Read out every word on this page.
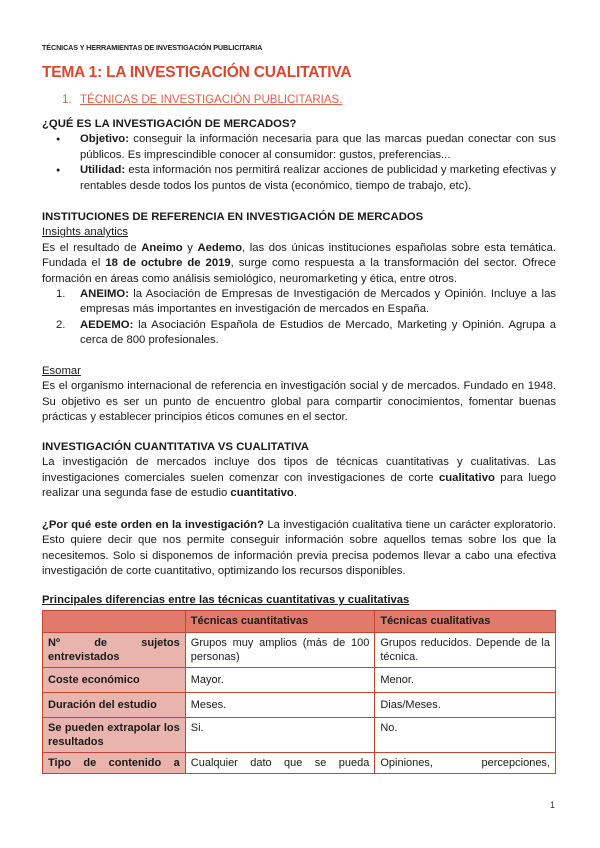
TÉCNICAS Y HERRAMIENTAS DE INVESTIGACIÓN PUBLICITARIA
TEMA 1: LA INVESTIGACIÓN CUALITATIVA
1. TÉCNICAS DE INVESTIGACIÓN PUBLICITARIAS.
¿QUÉ ES LA INVESTIGACIÓN DE MERCADOS?
● Objetivo: conseguir la información necesaria para que las marcas puedan conectar con sus públicos. Es imprescindible conocer al consumidor: gustos, preferencias...
● Utilidad: esta información nos permitirá realizar acciones de publicidad y marketing efectivas y rentables desde todos los puntos de vista (económico, tiempo de trabajo, etc).
INSTITUCIONES DE REFERENCIA EN INVESTIGACIÓN DE MERCADOS
Insights analytics
Es el resultado de Aneimo y Aedemo, las dos únicas instituciones españolas sobre esta temática. Fundada el 18 de octubre de 2019, surge como respuesta a la transformación del sector. Ofrece formación en áreas como análisis semiológico, neuromarketing y ética, entre otros.
1. ANEIMO: la Asociación de Empresas de Investigación de Mercados y Opinión. Incluye a las empresas más importantes en investigación de mercados en España.
2. AEDEMO: la Asociación Española de Estudios de Mercado, Marketing y Opinión. Agrupa a cerca de 800 profesionales.
Esomar
Es el organismo internacional de referencia en investigación social y de mercados. Fundado en 1948. Su objetivo es ser un punto de encuentro global para compartir conocimientos, fomentar buenas prácticas y establecer principios éticos comunes en el sector.
INVESTIGACIÓN CUANTITATIVA VS CUALITATIVA
La investigación de mercados incluye dos tipos de técnicas cuantitativas y cualitativas. Las investigaciones comerciales suelen comenzar con investigaciones de corte cualitativo para luego realizar una segunda fase de estudio cuantitativo.
¿Por qué este orden en la investigación? La investigación cualitativa tiene un carácter exploratorio. Esto quiere decir que nos permite conseguir información sobre aquellos temas sobre los que la necesitemos. Solo si disponemos de información previa precisa podemos llevar a cabo una efectiva investigación de corte cuantitativo, optimizando los recursos disponibles.
Principales diferencias entre las técnicas cuantitativas y cualitativas
	Técnicas cuantitativas	Técnicas cualitativas
Nº de sujetos entrevistados	Grupos muy amplios (más de 100 personas)	Grupos reducidos. Depende de la técnica.
Coste económico	Mayor.	Menor.
Duración del estudio	Meses.	Dias/Meses.
Se pueden extrapolar los resultados	Si.	No.
Tipo de contenido a	Cualquier dato que se pueda	Opiniones, percepciones,
1
